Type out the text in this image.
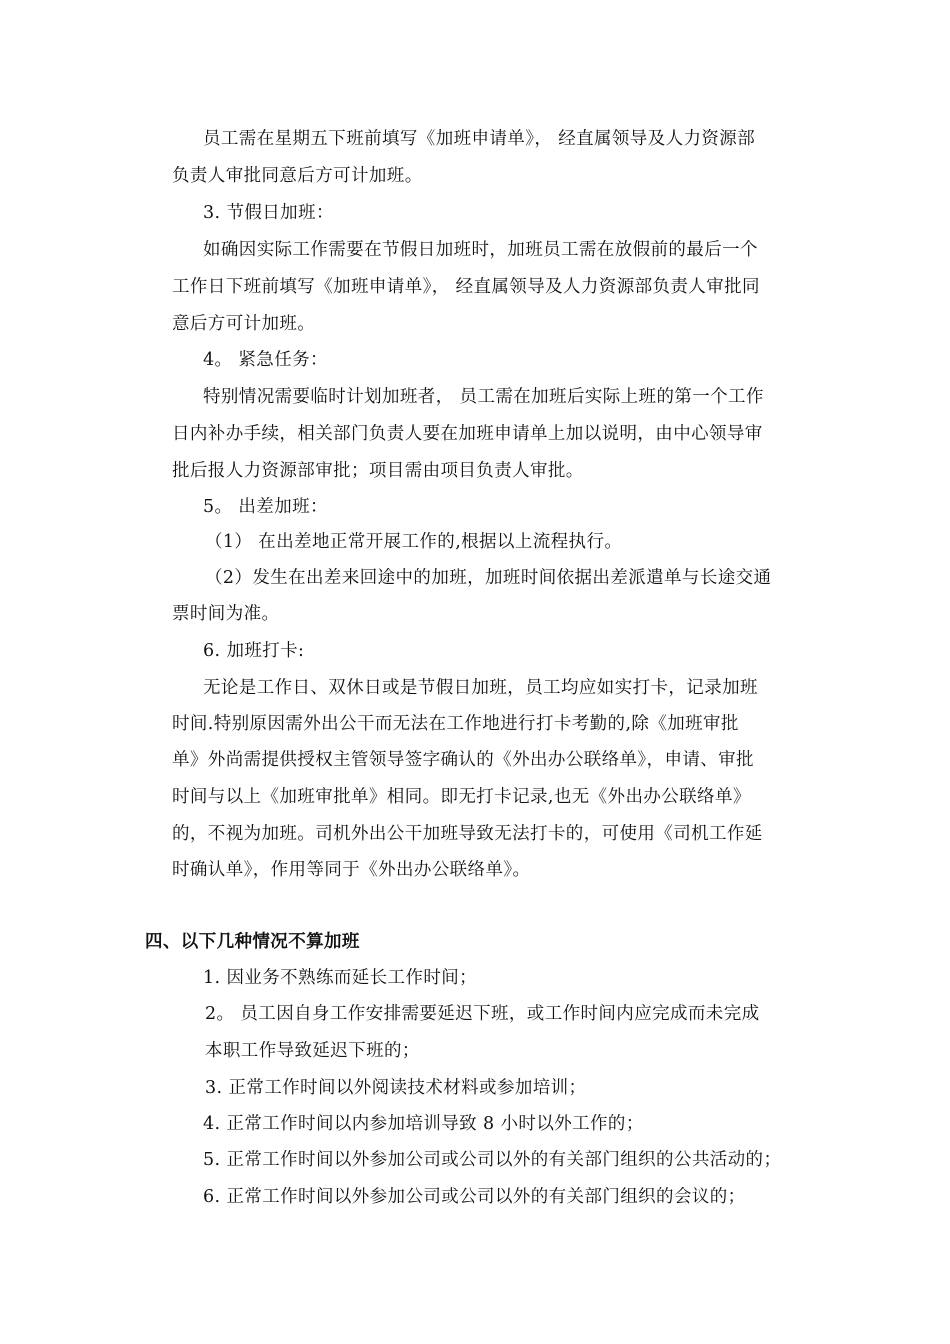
员工需在星期五下班前填写《加班申请单》， 经直属领导及人力资源部
负责人审批同意后方可计加班。
3. 节假日加班：
如确因实际工作需要在节假日加班时，加班员工需在放假前的最后一个
工作日下班前填写《加班申请单》， 经直属领导及人力资源部负责人审批同
意后方可计加班。
4。 紧急任务：
特别情况需要临时计划加班者， 员工需在加班后实际上班的第一个工作
日内补办手续，相关部门负责人要在加班申请单上加以说明，由中心领导审
批后报人力资源部审批；项目需由项目负责人审批。
5。 出差加班：
（1） 在出差地正常开展工作的,根据以上流程执行。
（2）发生在出差来回途中的加班，加班时间依据出差派遣单与长途交通
票时间为准。
6. 加班打卡:
无论是工作日、双休日或是节假日加班，员工均应如实打卡，记录加班
时间.特别原因需外出公干而无法在工作地进行打卡考勤的,除《加班审批
单》外尚需提供授权主管领导签字确认的《外出办公联络单》，申请、审批
时间与以上《加班审批单》相同。即无打卡记录,也无《外出办公联络单》
的，不视为加班。司机外出公干加班导致无法打卡的，可使用《司机工作延
时确认单》，作用等同于《外出办公联络单》。
四、以下几种情况不算加班
1. 因业务不熟练而延长工作时间；
2。 员工因自身工作安排需要延迟下班，或工作时间内应完成而未完成
本职工作导致延迟下班的；
3. 正常工作时间以外阅读技术材料或参加培训；
4. 正常工作时间以内参加培训导致 8 小时以外工作的；
5. 正常工作时间以外参加公司或公司以外的有关部门组织的公共活动的；
6. 正常工作时间以外参加公司或公司以外的有关部门组织的会议的；
